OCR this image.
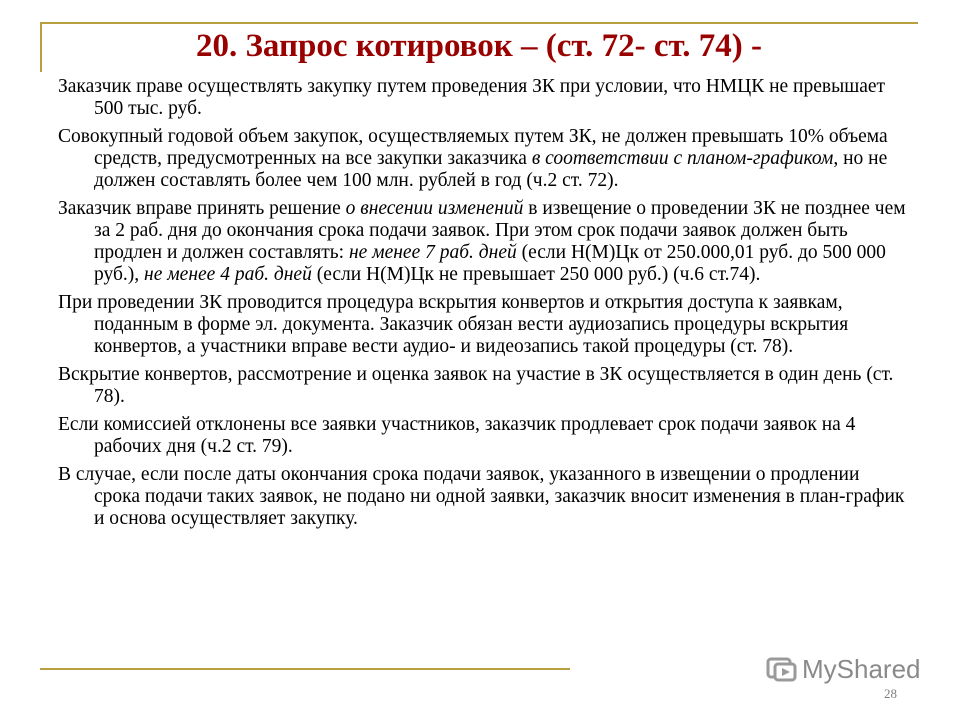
20. Запрос котировок – (ст. 72- ст. 74) -

Заказчик праве осуществлять закупку путем проведения ЗК при условии, что НМЦК не превышает 500 тыс. руб.

Совокупный годовой объем закупок, осуществляемых путем ЗК, не должен превышать 10% объема средств, предусмотренных на все закупки заказчика в соответствии с планом-графиком, но не должен составлять более чем 100 млн. рублей в год (ч.2 ст. 72).

Заказчик вправе принять решение о внесении изменений в извещение о проведении ЗК не позднее чем за 2 раб. дня до окончания срока подачи заявок. При этом срок подачи заявок должен быть продлен и должен составлять: не менее 7 раб. дней (если Н(М)Цк от 250.000,01 руб. до 500 000 руб.), не менее 4 раб. дней (если Н(М)Цк не превышает 250 000 руб.) (ч.6 ст.74).

При проведении ЗК проводится процедура вскрытия конвертов и открытия доступа к заявкам, поданным в форме эл. документа. Заказчик обязан вести аудиозапись процедуры вскрытия конвертов, а участники вправе вести аудио- и видеозапись такой процедуры (ст. 78).

Вскрытие конвертов, рассмотрение и оценка заявок на участие в ЗК осуществляется в один день (ст. 78).

Если комиссией отклонены все заявки участников, заказчик продлевает срок подачи заявок на 4 рабочих дня (ч.2 ст. 79).

В случае, если после даты окончания срока подачи заявок, указанного в извещении о продлении срока подачи таких заявок, не подано ни одной заявки, заказчик вносит изменения в план-график и основа осуществляет закупку.

MyShared
28
